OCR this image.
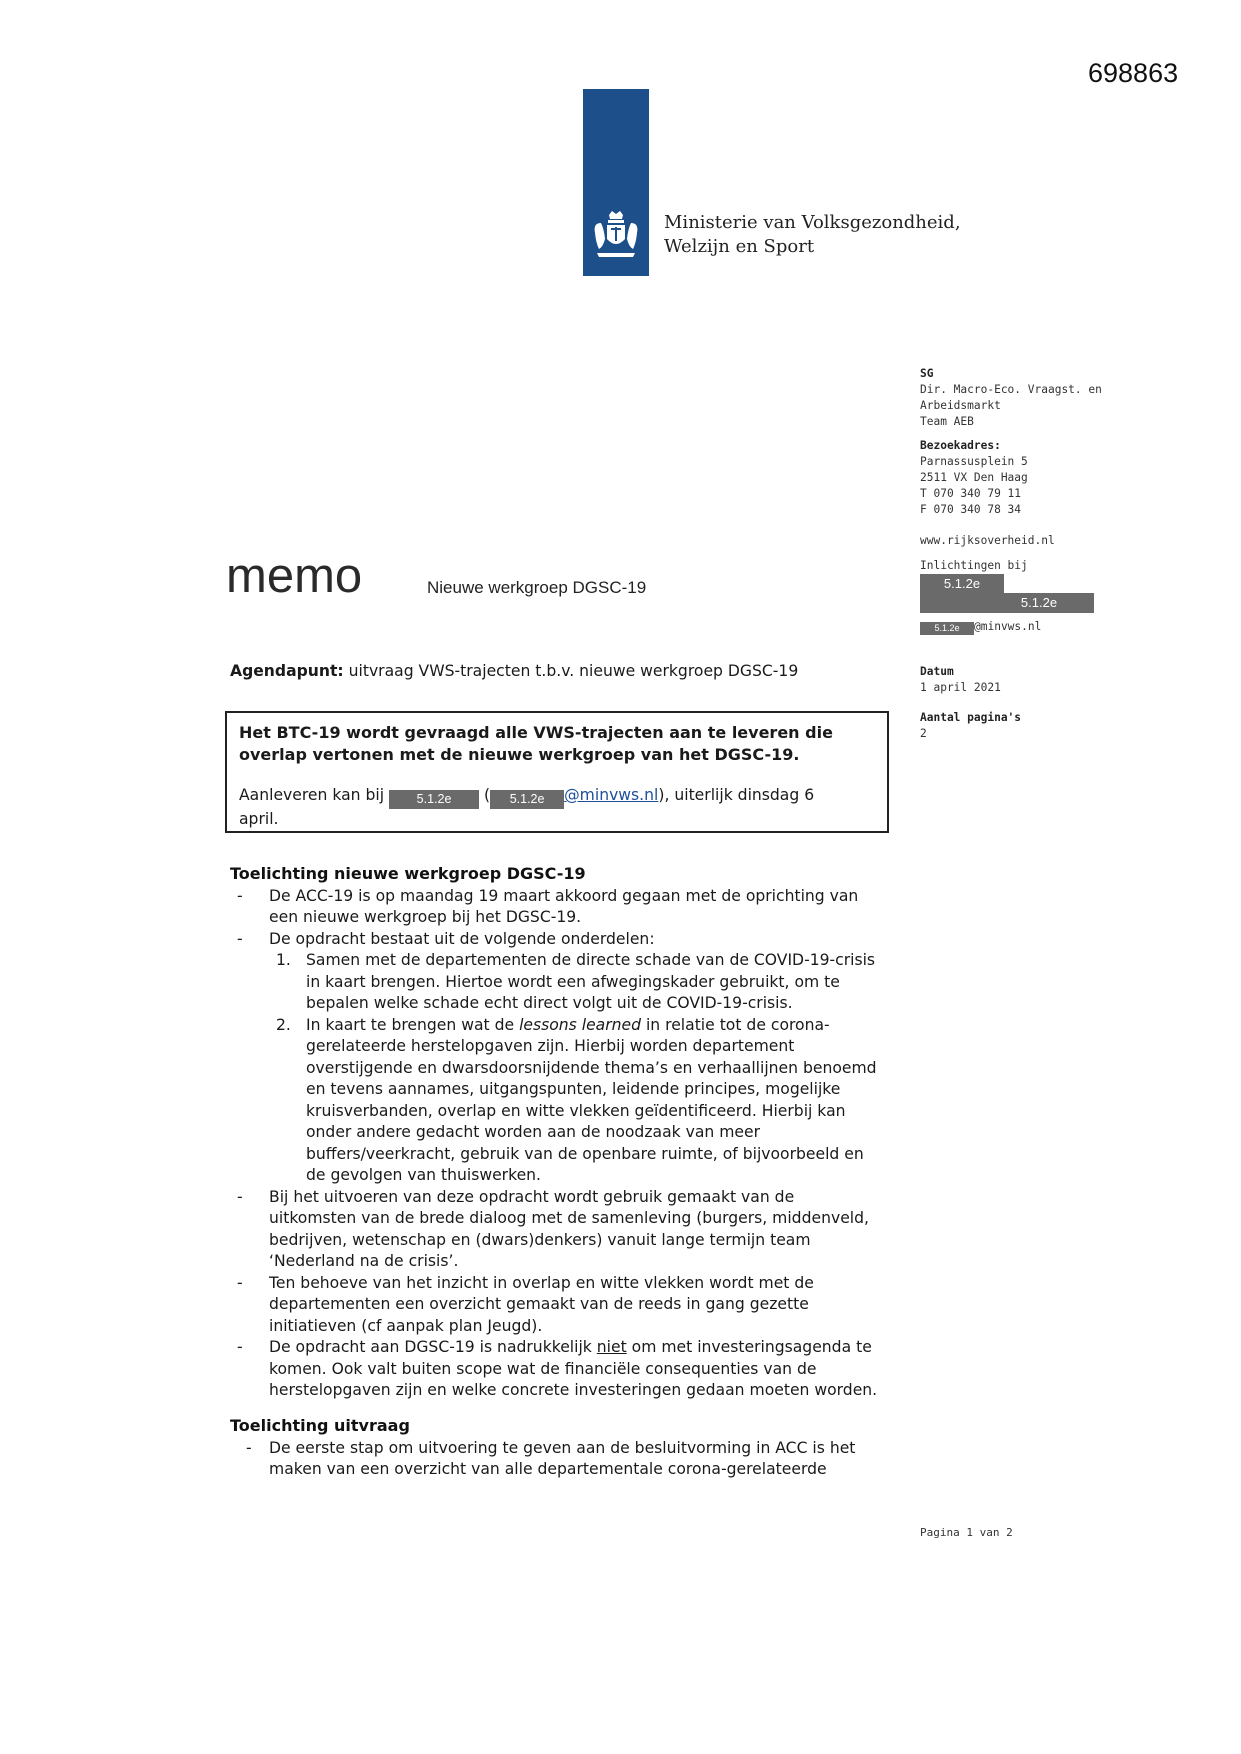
698863
Ministerie van Volksgezondheid,
Welzijn en Sport
SG
Dir. Macro-Eco. Vraagst. en
Arbeidsmarkt
Team AEB
Bezoekadres:
Parnassusplein 5
2511 VX Den Haag
T 070 340 79 11
F 070 340 78 34
www.rijksoverheid.nl
Inlichtingen bij
5.1.2e
5.1.2e
5.1.2e @minvws.nl
Datum
1 april 2021
Aantal pagina's
2
memo	Nieuwe werkgroep DGSC-19
Agendapunt: uitvraag VWS-trajecten t.b.v. nieuwe werkgroep DGSC-19
Het BTC-19 wordt gevraagd alle VWS-trajecten aan te leveren die
overlap vertonen met de nieuwe werkgroep van het DGSC-19.
Aanleveren kan bij 5.1.2e ( 5.1.2e @minvws.nl), uiterlijk dinsdag 6
april.
Toelichting nieuwe werkgroep DGSC-19
- De ACC-19 is op maandag 19 maart akkoord gegaan met de oprichting van
een nieuwe werkgroep bij het DGSC-19.
- De opdracht bestaat uit de volgende onderdelen:
1. Samen met de departementen de directe schade van de COVID-19-crisis
in kaart brengen. Hiertoe wordt een afwegingskader gebruikt, om te
bepalen welke schade echt direct volgt uit de COVID-19-crisis.
2. In kaart te brengen wat de lessons learned in relatie tot de corona-
gerelateerde herstelopgaven zijn. Hierbij worden departement
overstijgende en dwarsdoorsnijdende thema’s en verhaallijnen benoemd
en tevens aannames, uitgangspunten, leidende principes, mogelijke
kruisverbanden, overlap en witte vlekken geïdentificeerd. Hierbij kan
onder andere gedacht worden aan de noodzaak van meer
buffers/veerkracht, gebruik van de openbare ruimte, of bijvoorbeeld en
de gevolgen van thuiswerken.
- Bij het uitvoeren van deze opdracht wordt gebruik gemaakt van de
uitkomsten van de brede dialoog met de samenleving (burgers, middenveld,
bedrijven, wetenschap en (dwars)denkers) vanuit lange termijn team
‘Nederland na de crisis’.
- Ten behoeve van het inzicht in overlap en witte vlekken wordt met de
departementen een overzicht gemaakt van de reeds in gang gezette
initiatieven (cf aanpak plan Jeugd).
- De opdracht aan DGSC-19 is nadrukkelijk niet om met investeringsagenda te
komen. Ook valt buiten scope wat de financiële consequenties van de
herstelopgaven zijn en welke concrete investeringen gedaan moeten worden.
Toelichting uitvraag
- De eerste stap om uitvoering te geven aan de besluitvorming in ACC is het
maken van een overzicht van alle departementale corona-gerelateerde
Pagina 1 van 2
